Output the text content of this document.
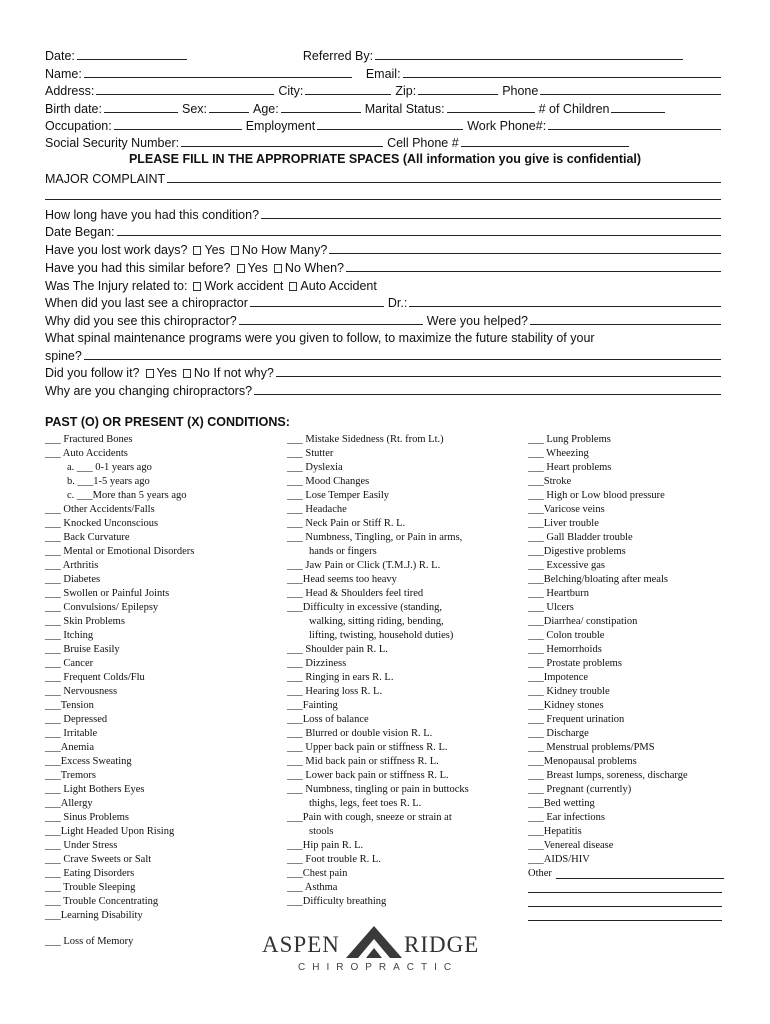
Date:	Referred By:
Name:	Email:
Address:	City:	Zip:	Phone
Birth date:	Sex:	Age:	Marital Status:	# of Children
Occupation:	Employment	Work Phone#:
Social Security Number:	Cell Phone #
PLEASE FILL IN THE APPROPRIATE SPACES (All information you give is confidential)
MAJOR COMPLAINT
How long have you had this condition?
Date Began:
Have you lost work days? Yes No How Many?
Have you had this similar before? Yes No When?
Was The Injury related to: Work accident Auto Accident
When did you last see a chiropractor	Dr.:
Why did you see this chiropractor?	Were you helped?
What spinal maintenance programs were you given to follow, to maximize the future stability of your
spine?
Did you follow it? Yes No If not why?
Why are you changing chiropractors?
PAST (O) OR PRESENT (X) CONDITIONS:
___ Fractured Bones
___ Auto Accidents
a. ___ 0-1 years ago
b. ___1-5 years ago
c. ___More than 5 years ago
___ Other Accidents/Falls
___ Knocked Unconscious
___ Back Curvature
___ Mental or Emotional Disorders
___ Arthritis
___ Diabetes
___ Swollen or Painful Joints
___ Convulsions/ Epilepsy
___ Skin Problems
___ Itching
___ Bruise Easily
___ Cancer
___ Frequent Colds/Flu
___ Nervousness
___Tension
___ Depressed
___ Irritable
___Anemia
___Excess Sweating
___Tremors
___ Light Bothers Eyes
___Allergy
___ Sinus Problems
___Light Headed Upon Rising
___ Under Stress
___ Crave Sweets or Salt
___ Eating Disorders
___ Trouble Sleeping
___ Trouble Concentrating
___Learning Disability
___ Loss of Memory
___ Mistake Sidedness (Rt. from Lt.)
___ Stutter
___ Dyslexia
___ Mood Changes
___ Lose Temper Easily
___ Headache
___ Neck Pain or Stiff R. L.
___ Numbness, Tingling, or Pain in arms,
hands or fingers
___ Jaw Pain or Click (T.M.J.) R. L.
___Head seems too heavy
___ Head & Shoulders feel tired
___Difficulty in excessive (standing,
walking, sitting riding, bending,
lifting, twisting, household duties)
___ Shoulder pain R. L.
___ Dizziness
___ Ringing in ears R. L.
___ Hearing loss R. L.
___Fainting
___Loss of balance
___ Blurred or double vision R. L.
___ Upper back pain or stiffness R. L.
___ Mid back pain or stiffness R. L.
___ Lower back pain or stiffness R. L.
___ Numbness, tingling or pain in buttocks
thighs, legs, feet toes R. L.
___Pain with cough, sneeze or strain at
stools
___Hip pain R. L.
___ Foot trouble R. L.
___Chest pain
___ Asthma
___Difficulty breathing
___ Lung Problems
___ Wheezing
___ Heart problems
___Stroke
___ High or Low blood pressure
___Varicose veins
___Liver trouble
___ Gall Bladder trouble
___Digestive problems
___ Excessive gas
___Belching/bloating after meals
___ Heartburn
___ Ulcers
___Diarrhea/ constipation
___ Colon trouble
___ Hemorrhoids
___ Prostate problems
___Impotence
___ Kidney trouble
___Kidney stones
___ Frequent urination
___ Discharge
___ Menstrual problems/PMS
___Menopausal problems
___ Breast lumps, soreness, discharge
___ Pregnant (currently)
___Bed wetting
___ Ear infections
___Hepatitis
___Venereal disease
___AIDS/HIV
Other
ASPEN	RIDGE
CHIROPRACTIC
